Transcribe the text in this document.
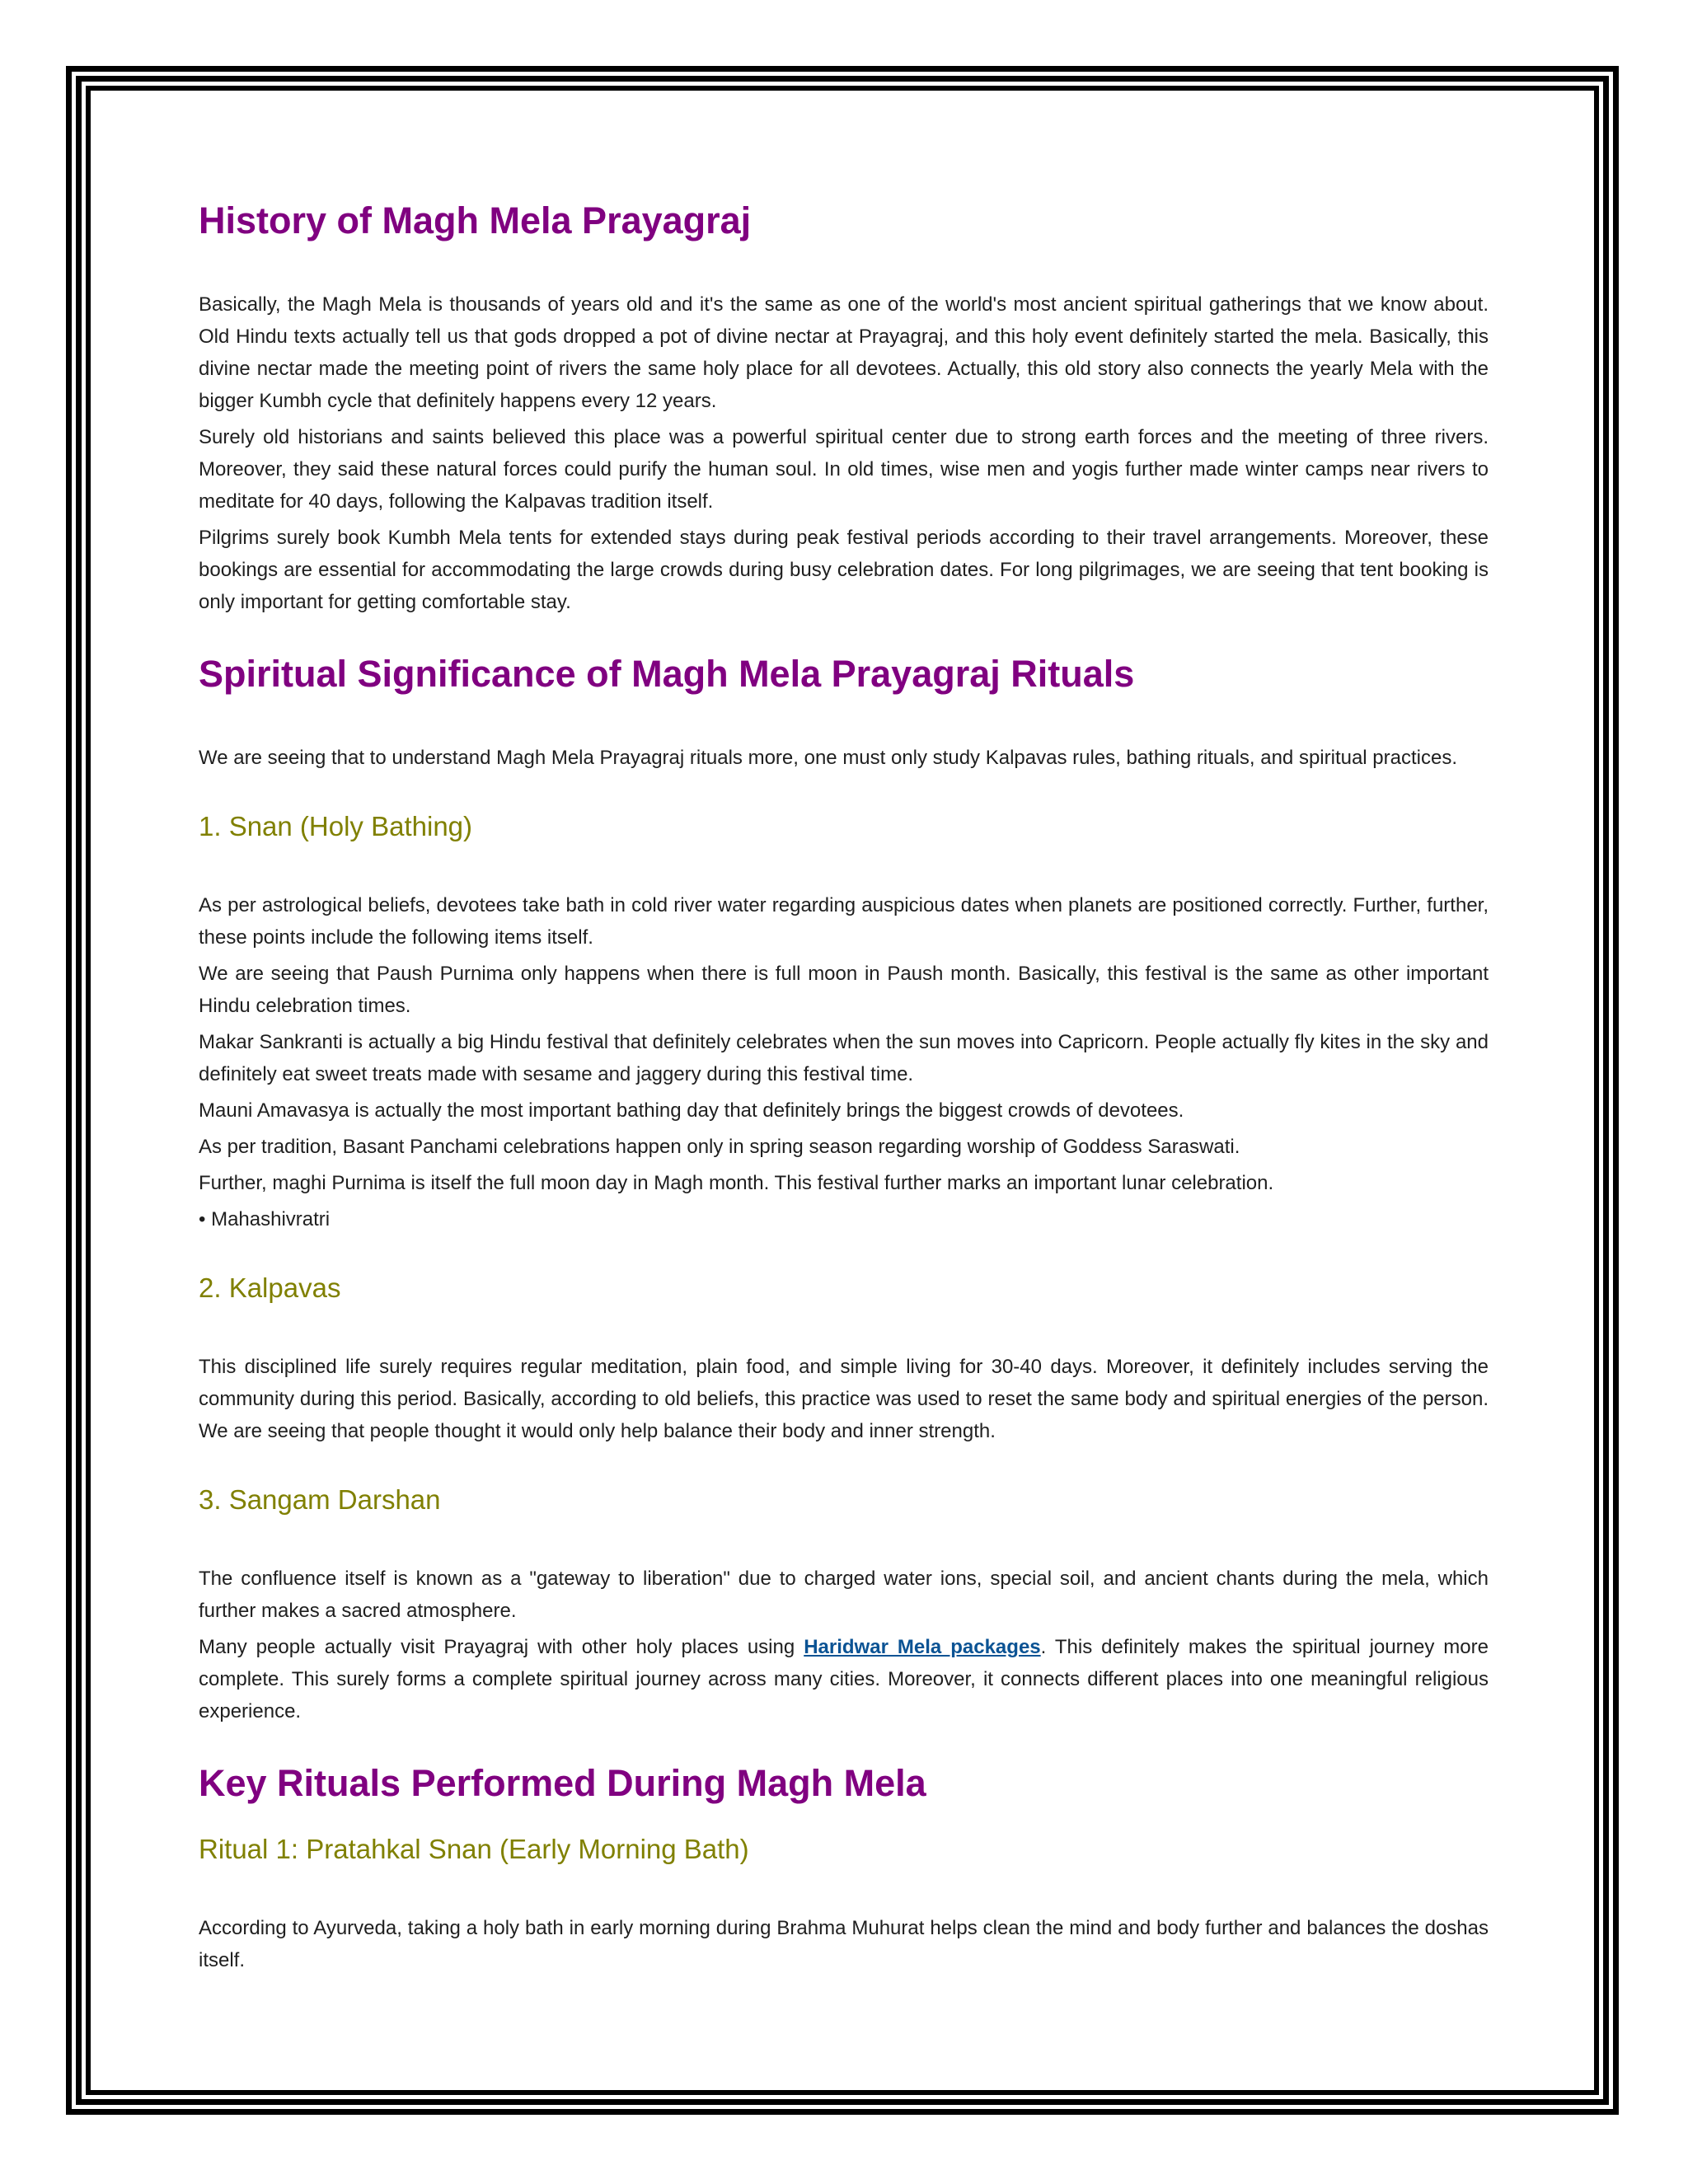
History of Magh Mela Prayagraj

Basically, the Magh Mela is thousands of years old and it's the same as one of the world's most ancient spiritual gatherings that we know about. Old Hindu texts actually tell us that gods dropped a pot of divine nectar at Prayagraj, and this holy event definitely started the mela. Basically, this divine nectar made the meeting point of rivers the same holy place for all devotees. Actually, this old story also connects the yearly Mela with the bigger Kumbh cycle that definitely happens every 12 years.

Surely old historians and saints believed this place was a powerful spiritual center due to strong earth forces and the meeting of three rivers. Moreover, they said these natural forces could purify the human soul. In old times, wise men and yogis further made winter camps near rivers to meditate for 40 days, following the Kalpavas tradition itself.

Pilgrims surely book Kumbh Mela tents for extended stays during peak festival periods according to their travel arrangements. Moreover, these bookings are essential for accommodating the large crowds during busy celebration dates. For long pilgrimages, we are seeing that tent booking is only important for getting comfortable stay.

Spiritual Significance of Magh Mela Prayagraj Rituals

We are seeing that to understand Magh Mela Prayagraj rituals more, one must only study Kalpavas rules, bathing rituals, and spiritual practices.

1. Snan (Holy Bathing)

As per astrological beliefs, devotees take bath in cold river water regarding auspicious dates when planets are positioned correctly. Further, further, these points include the following items itself.

We are seeing that Paush Purnima only happens when there is full moon in Paush month. Basically, this festival is the same as other important Hindu celebration times.

Makar Sankranti is actually a big Hindu festival that definitely celebrates when the sun moves into Capricorn. People actually fly kites in the sky and definitely eat sweet treats made with sesame and jaggery during this festival time.

Mauni Amavasya is actually the most important bathing day that definitely brings the biggest crowds of devotees.

As per tradition, Basant Panchami celebrations happen only in spring season regarding worship of Goddess Saraswati.

Further, maghi Purnima is itself the full moon day in Magh month. This festival further marks an important lunar celebration.

• Mahashivratri

2. Kalpavas

This disciplined life surely requires regular meditation, plain food, and simple living for 30-40 days. Moreover, it definitely includes serving the community during this period. Basically, according to old beliefs, this practice was used to reset the same body and spiritual energies of the person. We are seeing that people thought it would only help balance their body and inner strength.

3. Sangam Darshan

The confluence itself is known as a "gateway to liberation" due to charged water ions, special soil, and ancient chants during the mela, which further makes a sacred atmosphere.

Many people actually visit Prayagraj with other holy places using Haridwar Mela packages. This definitely makes the spiritual journey more complete. This surely forms a complete spiritual journey across many cities. Moreover, it connects different places into one meaningful religious experience.

Key Rituals Performed During Magh Mela
Ritual 1: Pratahkal Snan (Early Morning Bath)

According to Ayurveda, taking a holy bath in early morning during Brahma Muhurat helps clean the mind and body further and balances the doshas itself.
